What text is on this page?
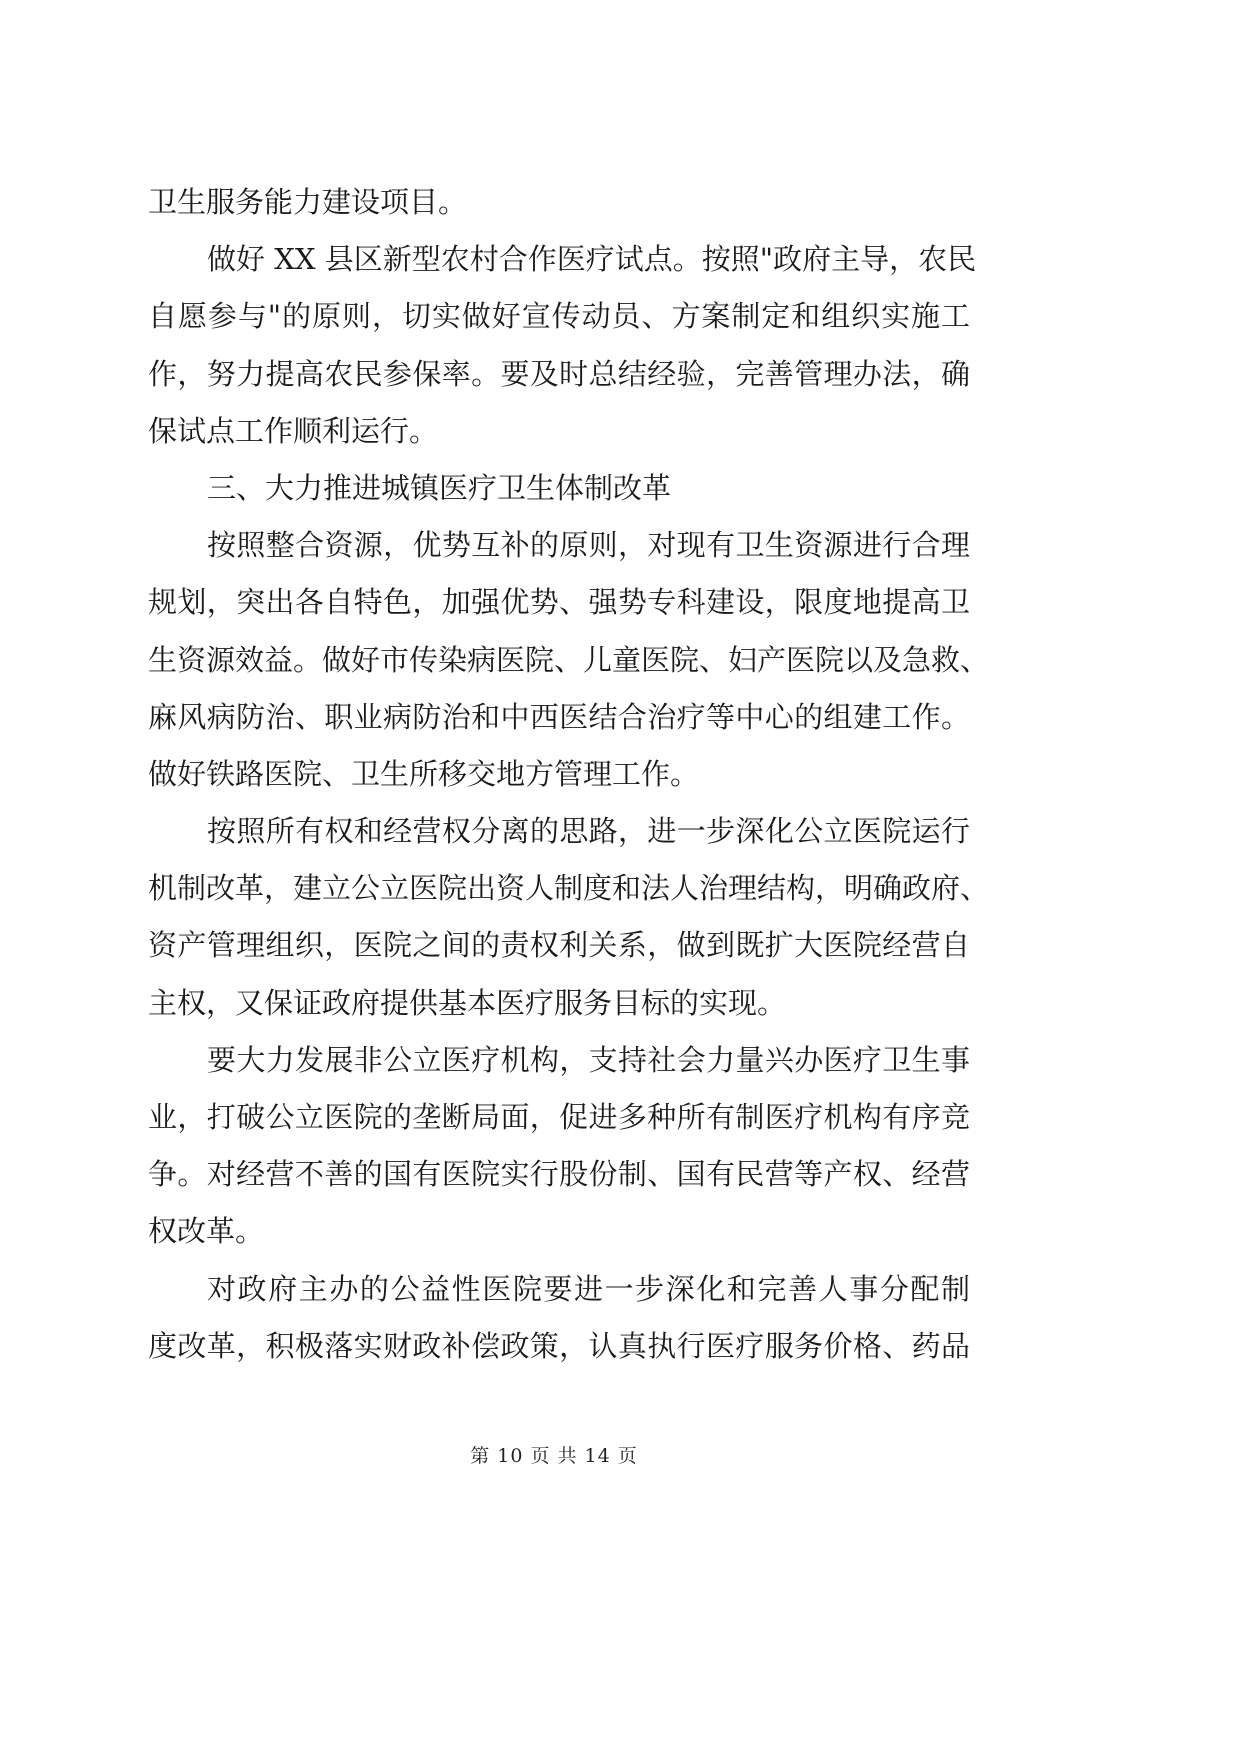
卫生服务能力建设项目。
做好 XX 县区新型农村合作医疗试点。按照"政府主导，农民
自愿参与"的原则，切实做好宣传动员、方案制定和组织实施工
作，努力提高农民参保率。要及时总结经验，完善管理办法，确
保试点工作顺利运行。
三、大力推进城镇医疗卫生体制改革
按照整合资源，优势互补的原则，对现有卫生资源进行合理
规划，突出各自特色，加强优势、强势专科建设，限度地提高卫
生资源效益。做好市传染病医院、儿童医院、妇产医院以及急救、
麻风病防治、职业病防治和中西医结合治疗等中心的组建工作。
做好铁路医院、卫生所移交地方管理工作。
按照所有权和经营权分离的思路，进一步深化公立医院运行
机制改革，建立公立医院出资人制度和法人治理结构，明确政府、
资产管理组织，医院之间的责权利关系，做到既扩大医院经营自
主权，又保证政府提供基本医疗服务目标的实现。
要大力发展非公立医疗机构，支持社会力量兴办医疗卫生事
业，打破公立医院的垄断局面，促进多种所有制医疗机构有序竞
争。对经营不善的国有医院实行股份制、国有民营等产权、经营
权改革。
对政府主办的公益性医院要进一步深化和完善人事分配制
度改革，积极落实财政补偿政策，认真执行医疗服务价格、药品
第 10 页 共 14 页
